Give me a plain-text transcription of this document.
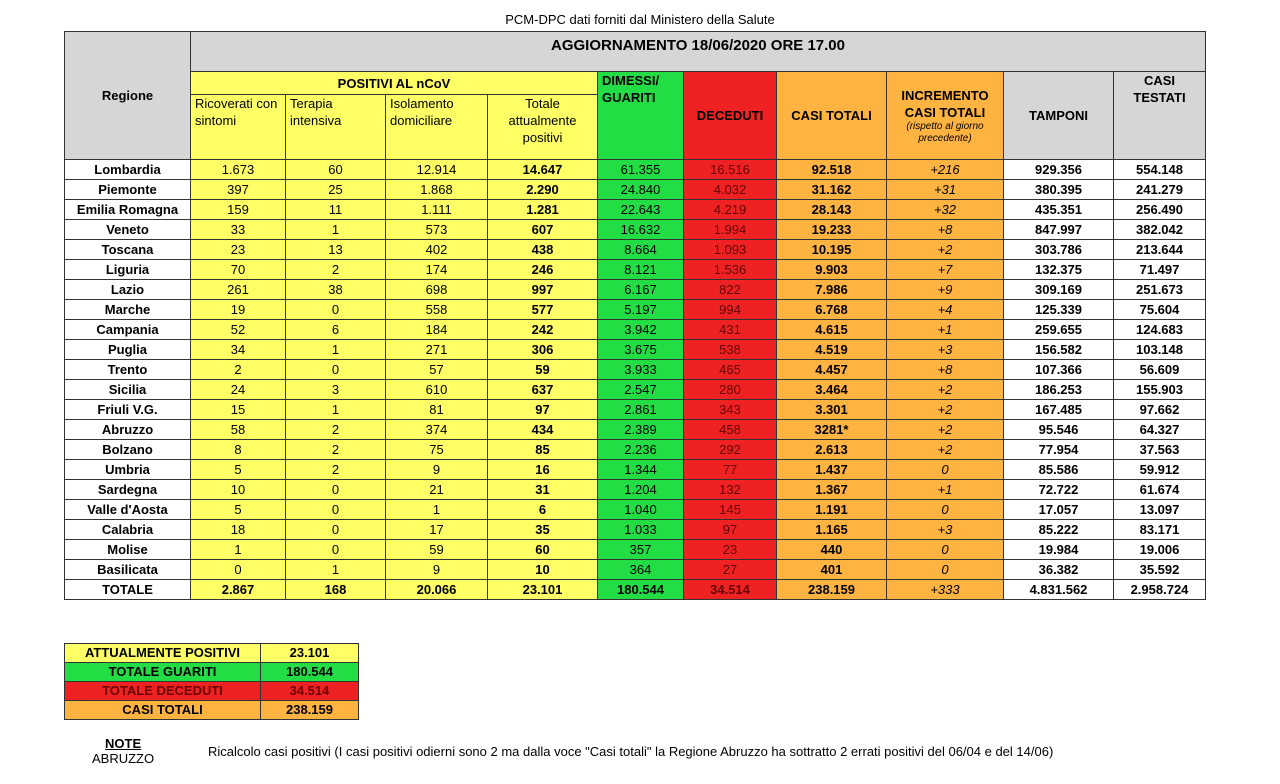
PCM-DPC dati forniti dal Ministero della Salute
Regione	AGGIORNAMENTO 18/06/2020 ORE 17.00									
	POSITIVI AL nCoV				DIMESSI/ GUARITI	DECEDUTI	CASI TOTALI	INCREMENTO CASI TOTALI
(rispetto al giorno precedente)	TAMPONI	CASI TESTATI
	Ricoverati con sintomi	Terapia intensiva	Isolamento domiciliare	Totale attualmente positivi						
Lombardia	1.673	60	12.914	14.647	61.355	16.516	92.518	+216	929.356	554.148
Piemonte	397	25	1.868	2.290	24.840	4.032	31.162	+31	380.395	241.279
Emilia Romagna	159	11	1.111	1.281	22.643	4.219	28.143	+32	435.351	256.490
Veneto	33	1	573	607	16.632	1.994	19.233	+8	847.997	382.042
Toscana	23	13	402	438	8.664	1.093	10.195	+2	303.786	213.644
Liguria	70	2	174	246	8.121	1.536	9.903	+7	132.375	71.497
Lazio	261	38	698	997	6.167	822	7.986	+9	309.169	251.673
Marche	19	0	558	577	5.197	994	6.768	+4	125.339	75.604
Campania	52	6	184	242	3.942	431	4.615	+1	259.655	124.683
Puglia	34	1	271	306	3.675	538	4.519	+3	156.582	103.148
Trento	2	0	57	59	3.933	465	4.457	+8	107.366	56.609
Sicilia	24	3	610	637	2.547	280	3.464	+2	186.253	155.903
Friuli V.G.	15	1	81	97	2.861	343	3.301	+2	167.485	97.662
Abruzzo	58	2	374	434	2.389	458	3281*	+2	95.546	64.327
Bolzano	8	2	75	85	2.236	292	2.613	+2	77.954	37.563
Umbria	5	2	9	16	1.344	77	1.437	0	85.586	59.912
Sardegna	10	0	21	31	1.204	132	1.367	+1	72.722	61.674
Valle d'Aosta	5	0	1	6	1.040	145	1.191	0	17.057	13.097
Calabria	18	0	17	35	1.033	97	1.165	+3	85.222	83.171
Molise	1	0	59	60	357	23	440	0	19.984	19.006
Basilicata	0	1	9	10	364	27	401	0	36.382	35.592
TOTALE	2.867	168	20.066	23.101	180.544	34.514	238.159	+333	4.831.562	2.958.724
ATTUALMENTE POSITIVI	23.101
TOTALE GUARITI	180.544
TOTALE DECEDUTI	34.514
CASI TOTALI	238.159
NOTE
ABRUZZO	Ricalcolo casi positivi (I casi positivi odierni sono 2 ma dalla voce "Casi totali" la Regione Abruzzo ha sottratto 2 errati positivi del 06/04 e del 14/06)
